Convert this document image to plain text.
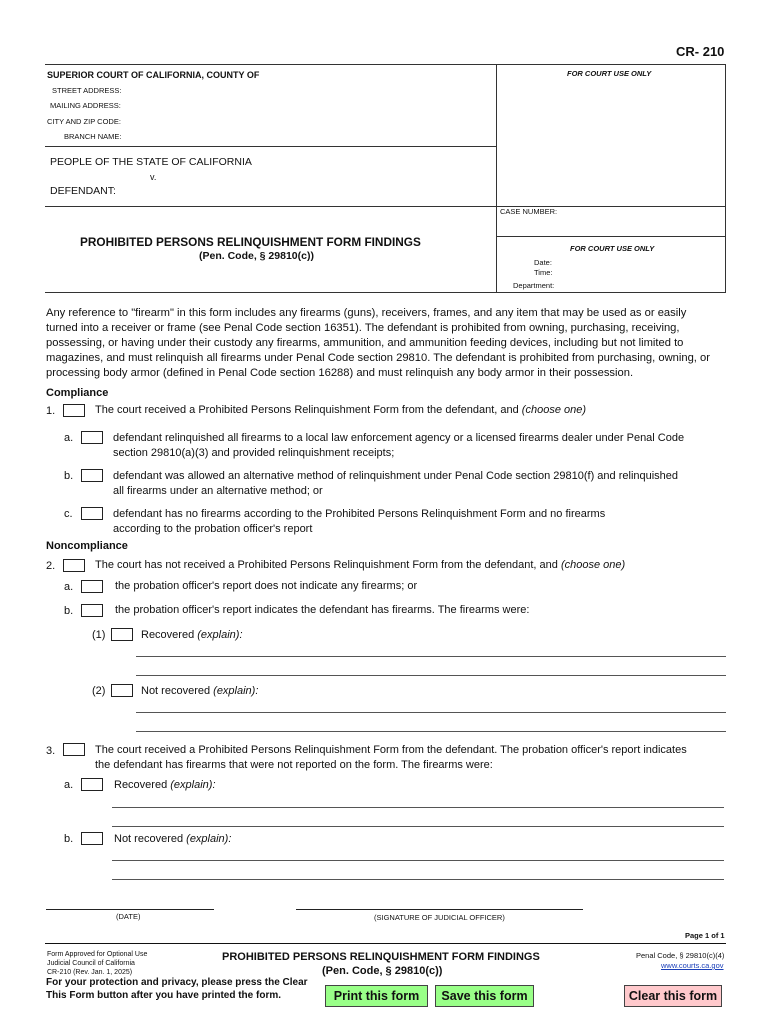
CR- 210
SUPERIOR COURT OF CALIFORNIA, COUNTY OF	FOR COURT USE ONLY
STREET ADDRESS:
MAILING ADDRESS:
CITY AND ZIP CODE:
BRANCH NAME:
PEOPLE OF THE STATE OF CALIFORNIA
v.
DEFENDANT:
CASE NUMBER:
PROHIBITED PERSONS RELINQUISHMENT FORM FINDINGS
(Pen. Code, § 29810(c))
FOR COURT USE ONLY
Date:
Time:
Department:
Any reference to "firearm" in this form includes any firearms (guns), receivers, frames, and any item that may be used as or easily
turned into a receiver or frame (see Penal Code section 16351). The defendant is prohibited from owning, purchasing, receiving,
possessing, or having under their custody any firearms, ammunition, and ammunition feeding devices, including but not limited to
magazines, and must relinquish all firearms under Penal Code section 29810. The defendant is prohibited from purchasing, owning, or
processing body armor (defined in Penal Code section 16288) and must relinquish any body armor in their possession.
Compliance
1.	The court received a Prohibited Persons Relinquishment Form from the defendant, and (choose one)
a.	defendant relinquished all firearms to a local law enforcement agency or a licensed firearms dealer under Penal Code
section 29810(a)(3) and provided relinquishment receipts;
b.	defendant was allowed an alternative method of relinquishment under Penal Code section 29810(f) and relinquished
all firearms under an alternative method; or
c.	defendant has no firearms according to the Prohibited Persons Relinquishment Form and no firearms
according to the probation officer's report
Noncompliance
2.	The court has not received a Prohibited Persons Relinquishment Form from the defendant, and (choose one)
a.	the probation officer's report does not indicate any firearms; or
b.	the probation officer's report indicates the defendant has firearms. The firearms were:
(1)	Recovered (explain):
(2)	Not recovered (explain):
3.	The court received a Prohibited Persons Relinquishment Form from the defendant. The probation officer's report indicates
the defendant has firearms that were not reported on the form. The firearms were:
a.	Recovered (explain):
b.	Not recovered (explain):
(DATE)	(SIGNATURE OF JUDICIAL OFFICER)
Page 1 of 1
Form Approved for Optional Use
Judicial Council of California
CR-210 (Rev. Jan. 1, 2025)
PROHIBITED PERSONS RELINQUISHMENT FORM FINDINGS
(Pen. Code, § 29810(c))
Penal Code, § 29810(c)(4)
www.courts.ca.gov
For your protection and privacy, please press the Clear
This Form button after you have printed the form.	Print this form	Save this form	Clear this form
